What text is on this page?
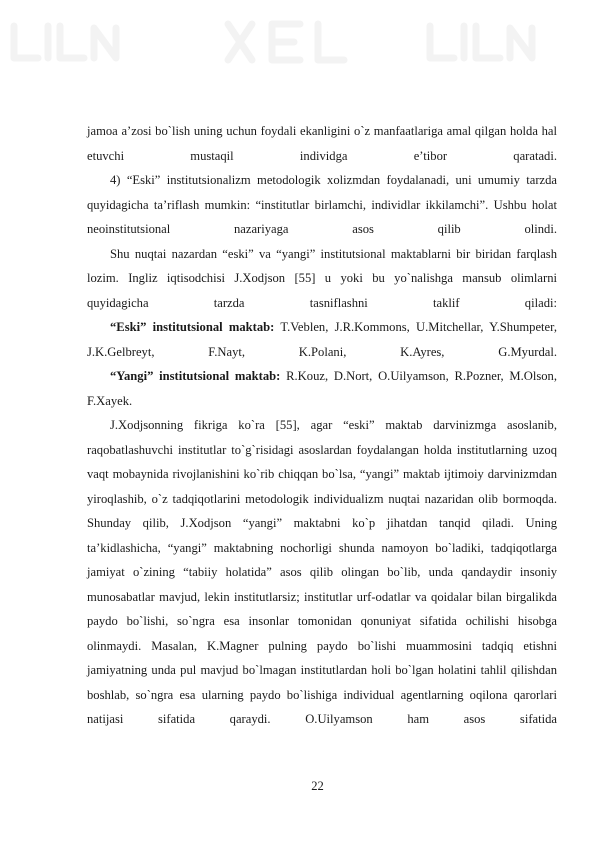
jamoa a’zosi bo`lish uning uchun foydali ekanligini o`z manfaatlariga amal qilgan holda hal etuvchi mustaqil individga e’tibor qaratadi.

4) “Eski” institutsionalizm metodologik xolizmdan foydalanadi, uni umumiy tarzda quyidagicha ta’riflash mumkin: “institutlar birlamchi, individlar ikkilamchi”. Ushbu holat neoinstitutsional nazariyaga asos qilib olindi.

Shu nuqtai nazardan “eski” va “yangi” institutsional maktablarni bir biridan farqlash lozim. Ingliz iqtisodchisi J.Xodjson [55] u yoki bu yo`nalishga mansub olimlarni quyidagicha tarzda tasniflashni taklif qiladi:

“Eski” institutsional maktab: T.Veblen, J.R.Kommons, U.Mitchellar, Y.Shumpeter, J.K.Gelbreyt, F.Nayt, K.Polani, K.Ayres, G.Myurdal.

“Yangi” institutsional maktab: R.Kouz, D.Nort, O.Uilyamson, R.Pozner, M.Olson, F.Xayek.

J.Xodjsonning fikriga ko`ra [55], agar “eski” maktab darvinizmga asoslanib, raqobatlashuvchi institutlar to`g`risidagi asoslardan foydalangan holda institutlarning uzoq vaqt mobaynida rivojlanishini ko`rib chiqqan bo`lsa, “yangi” maktab ijtimoiy darvinizmdan yiroqlashib, o`z tadqiqotlarini metodologik individualizm nuqtai nazaridan olib bormoqda. Shunday qilib, J.Xodjson “yangi” maktabni ko`p jihatdan tanqid qiladi. Uning ta’kidlashicha, “yangi” maktabning nochorligi shunda namoyon bo`ladiki, tadqiqotlarga jamiyat o`zining “tabiiy holatida” asos qilib olingan bo`lib, unda qandaydir insoniy munosabatlar mavjud, lekin institutlarsiz; institutlar urf-odatlar va qoidalar bilan birgalikda paydo bo`lishi, so`ngra esa insonlar tomonidan qonuniyat sifatida ochilishi hisobga olinmaydi. Masalan, K.Magner pulning paydo bo`lishi muammosini tadqiq etishni jamiyatning unda pul mavjud bo`lmagan institutlardan holi bo`lgan holatini tahlil qilishdan boshlab, so`ngra esa ularning paydo bo`lishiga individual agentlarning oqilona qarorlari natijasi sifatida qaraydi. O.Uilyamson ham asos sifatida

22
